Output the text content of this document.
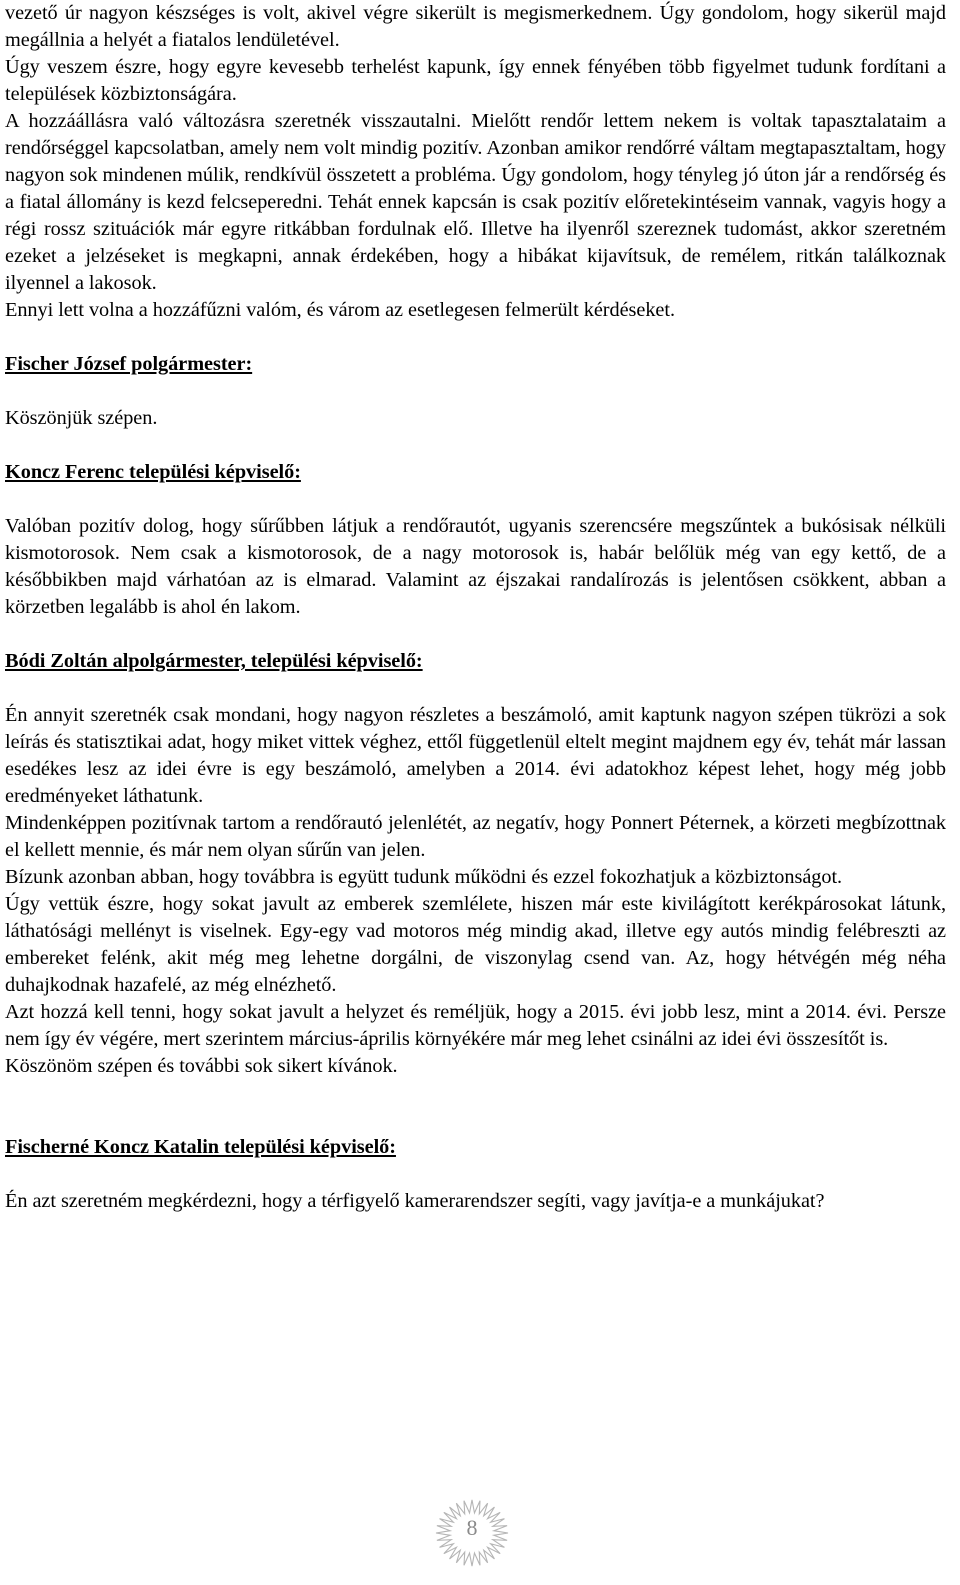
vezető úr nagyon készséges is volt, akivel végre sikerült is megismerkednem. Úgy gondolom, hogy sikerül majd megállnia a helyét a fiatalos lendületével.

Úgy veszem észre, hogy egyre kevesebb terhelést kapunk, így ennek fényében több figyelmet tudunk fordítani a települések közbiztonságára.

A hozzáállásra való változásra szeretnék visszautalni. Mielőtt rendőr lettem nekem is voltak tapasztalataim a rendőrséggel kapcsolatban, amely nem volt mindig pozitív. Azonban amikor rendőrré váltam megtapasztaltam, hogy nagyon sok mindenen múlik, rendkívül összetett a probléma. Úgy gondolom, hogy tényleg jó úton jár a rendőrség és a fiatal állomány is kezd felcseperedni. Tehát ennek kapcsán is csak pozitív előretekintéseim vannak, vagyis hogy a régi rossz szituációk már egyre ritkábban fordulnak elő. Illetve ha ilyenről szereznek tudomást, akkor szeretném ezeket a jelzéseket is megkapni, annak érdekében, hogy a hibákat kijavítsuk, de remélem, ritkán találkoznak ilyennel a lakosok.

Ennyi lett volna a hozzáfűzni valóm, és várom az esetlegesen felmerült kérdéseket.

Fischer József polgármester:

Köszönjük szépen.

Koncz Ferenc települési képviselő:

Valóban pozitív dolog, hogy sűrűbben látjuk a rendőrautót, ugyanis szerencsére megszűntek a bukósisak nélküli kismotorosok. Nem csak a kismotorosok, de a nagy motorosok is, habár belőlük még van egy kettő, de a későbbikben majd várhatóan az is elmarad. Valamint az éjszakai randalírozás is jelentősen csökkent, abban a körzetben legalább is ahol én lakom.

Bódi Zoltán alpolgármester, települési képviselő:

Én annyit szeretnék csak mondani, hogy nagyon részletes a beszámoló, amit kaptunk nagyon szépen tükrözi a sok leírás és statisztikai adat, hogy miket vittek véghez, ettől függetlenül eltelt megint majdnem egy év, tehát már lassan esedékes lesz az idei évre is egy beszámoló, amelyben a 2014. évi adatokhoz képest lehet, hogy még jobb eredményeket láthatunk.

Mindenképpen pozitívnak tartom a rendőrautó jelenlétét, az negatív, hogy Ponnert Péternek, a körzeti megbízottnak el kellett mennie, és már nem olyan sűrűn van jelen.

Bízunk azonban abban, hogy továbbra is együtt tudunk működni és ezzel fokozhatjuk a közbiztonságot.

Úgy vettük észre, hogy sokat javult az emberek szemlélete, hiszen már este kivilágított kerékpárosokat látunk, láthatósági mellényt is viselnek. Egy-egy vad motoros még mindig akad, illetve egy autós mindig felébreszti az embereket felénk, akit még meg lehetne dorgálni, de viszonylag csend van. Az, hogy hétvégén még néha duhajkodnak hazafelé, az még elnézhető.

Azt hozzá kell tenni, hogy sokat javult a helyzet és reméljük, hogy a 2015. évi jobb lesz, mint a 2014. évi. Persze nem így év végére, mert szerintem március-április környékére már meg lehet csinálni az idei évi összesítőt is.

Köszönöm szépen és további sok sikert kívánok.

Fischerné Koncz Katalin települési képviselő:

Én azt szeretném megkérdezni, hogy a térfigyelő kamerarendszer segíti, vagy javítja-e a munkájukat?

8
